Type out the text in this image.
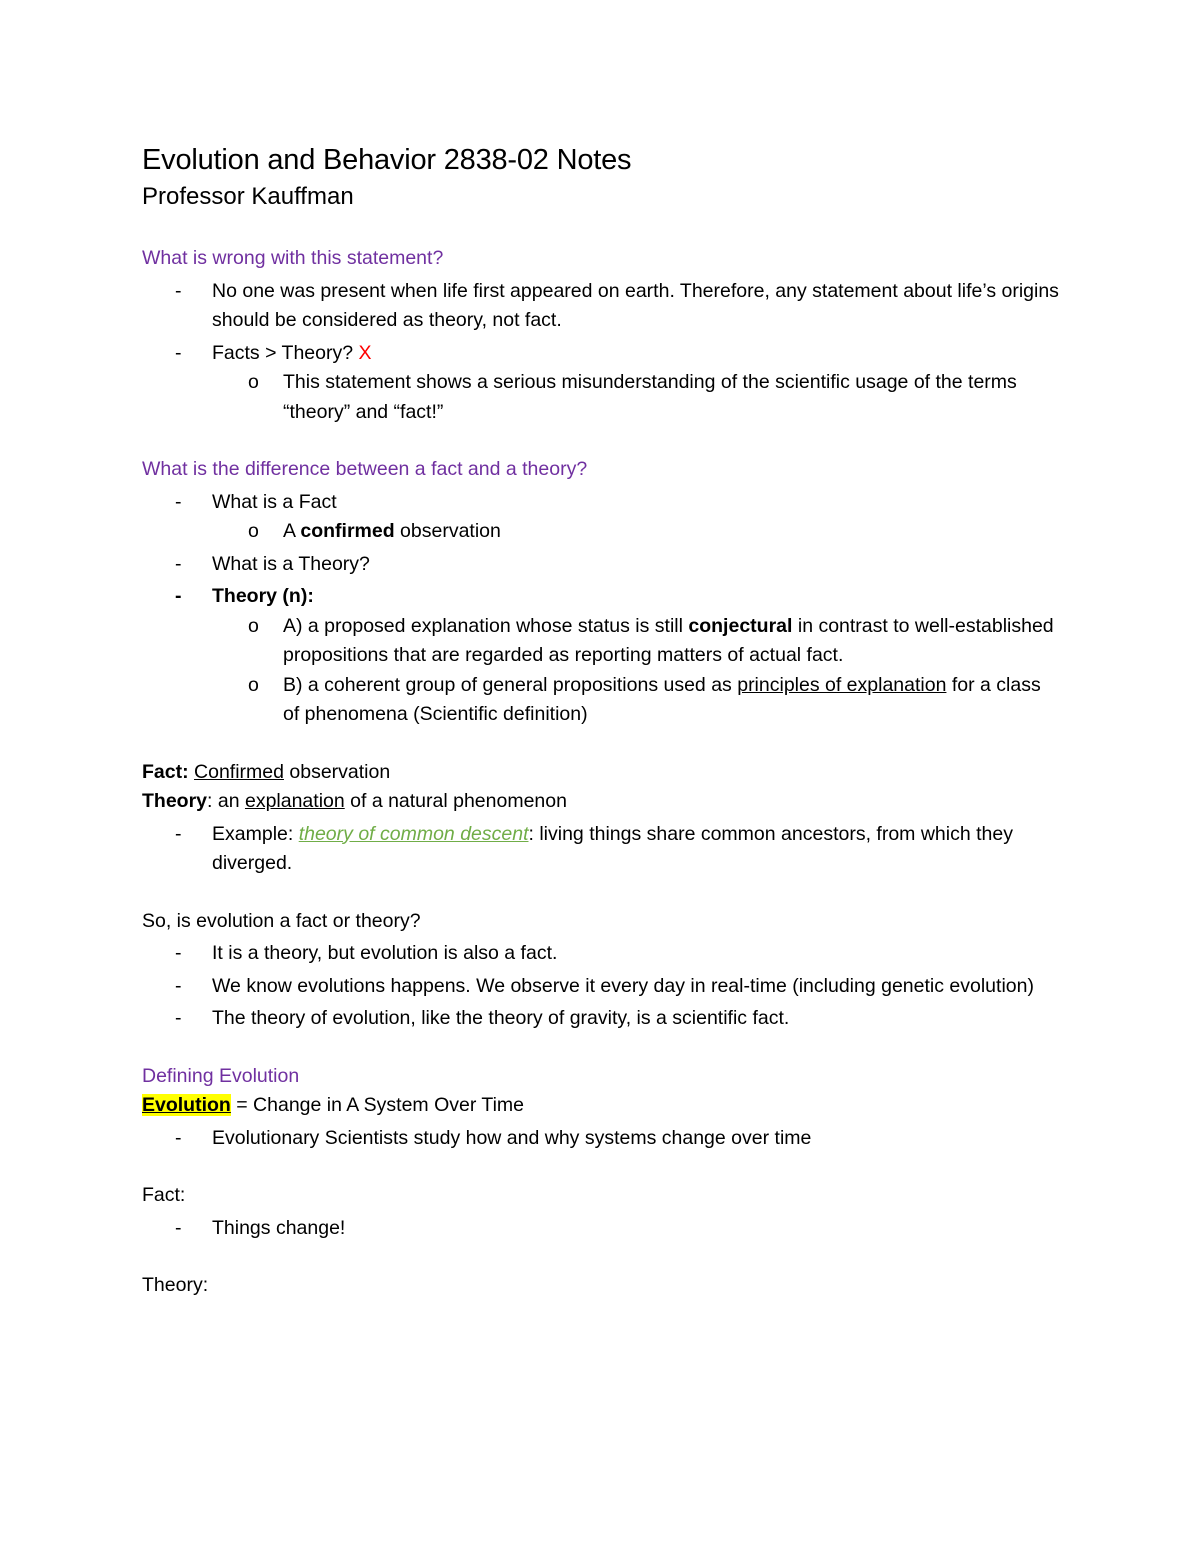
Evolution and Behavior 2838-02 Notes
Professor Kauffman
What is wrong with this statement?
- No one was present when life first appeared on earth. Therefore, any statement about life’s origins should be considered as theory, not fact.
- Facts > Theory? X
o This statement shows a serious misunderstanding of the scientific usage of the terms “theory” and “fact!”
What is the difference between a fact and a theory?
- What is a Fact
o A confirmed observation
- What is a Theory?
- Theory (n):
o A) a proposed explanation whose status is still conjectural in contrast to well-established propositions that are regarded as reporting matters of actual fact.
o B) a coherent group of general propositions used as principles of explanation for a class of phenomena (Scientific definition)
Fact: Confirmed observation
Theory: an explanation of a natural phenomenon
- Example: theory of common descent: living things share common ancestors, from which they diverged.
So, is evolution a fact or theory?
- It is a theory, but evolution is also a fact.
- We know evolutions happens. We observe it every day in real-time (including genetic evolution)
- The theory of evolution, like the theory of gravity, is a scientific fact.
Defining Evolution
Evolution = Change in A System Over Time
- Evolutionary Scientists study how and why systems change over time
Fact:
- Things change!
Theory:
